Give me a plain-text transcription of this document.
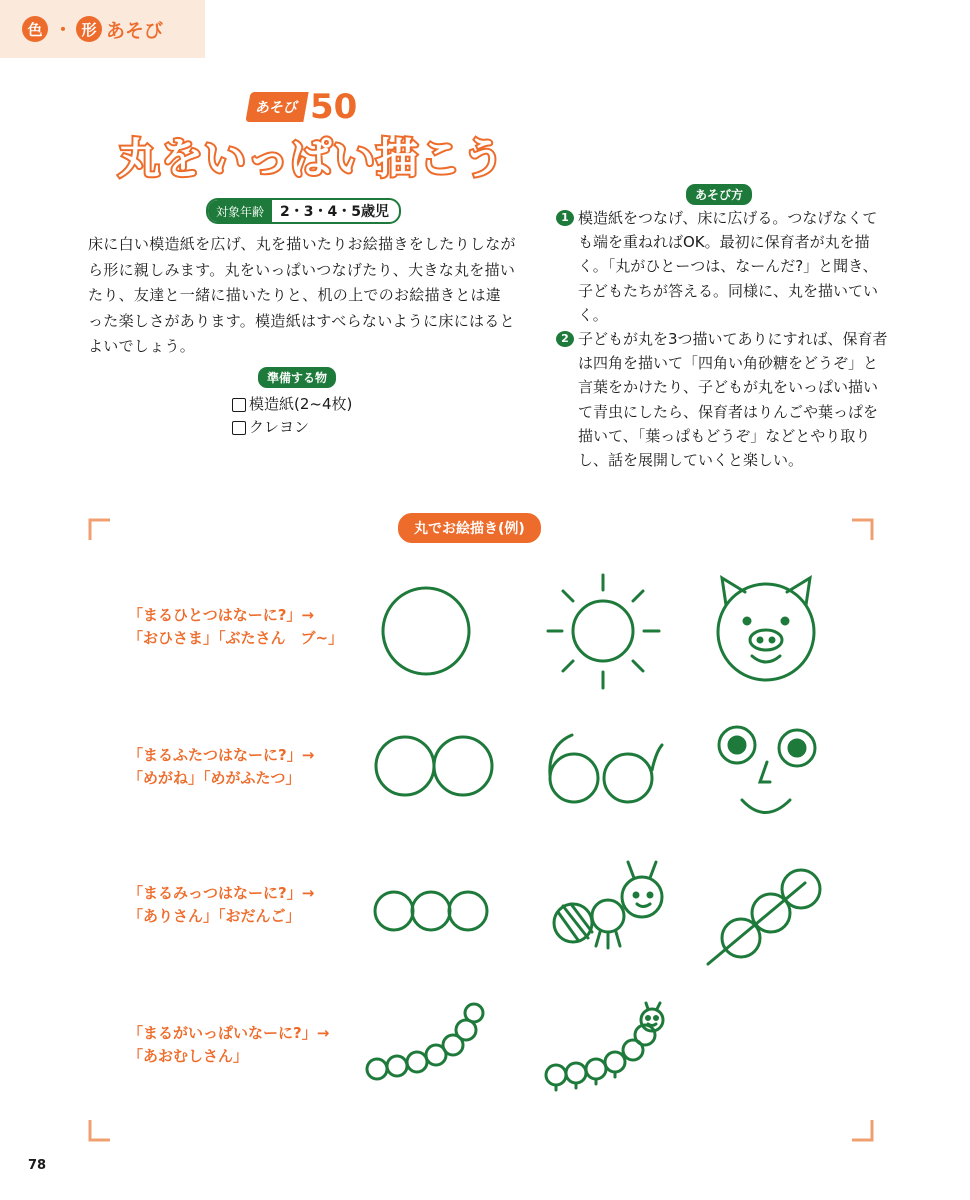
色 ・ 形 あそび
あそび 50
丸をいっぱい描こう
対象年齢	2・3・4・5歳児
床に白い模造紙を広げ、丸を描いたりお絵描きをしたりしながら形に親しみます。丸をいっぱいつなげたり、大きな丸を描いたり、友達と一緒に描いたりと、机の上でのお絵描きとは違った楽しさがあります。模造紙はすべらないように床にはるとよいでしょう。
準備する物
模造紙(2~4枚)
クレヨン
あそび方
1 模造紙をつなげ、床に広げる。つなげなくても端を重ねればOK。最初に保育者が丸を描く。「丸がひとーつは、なーんだ?」と聞き、子どもたちが答える。同様に、丸を描いていく。
2 子どもが丸を3つ描いてありにすれば、保育者は四角を描いて「四角い角砂糖をどうぞ」と言葉をかけたり、子どもが丸をいっぱい描いて青虫にしたら、保育者はりんごや葉っぱを描いて、「葉っぱもどうぞ」などとやり取りし、話を展開していくと楽しい。
丸でお絵描き(例)
「まるひとつはなーに?」→
「おひさま」「ぶたさん　ブ~」
「まるふたつはなーに?」→
「めがね」「めがふたつ」
「まるみっつはなーに?」→
「ありさん」「おだんご」
「まるがいっぱいなーに?」→
「あおむしさん」
78
